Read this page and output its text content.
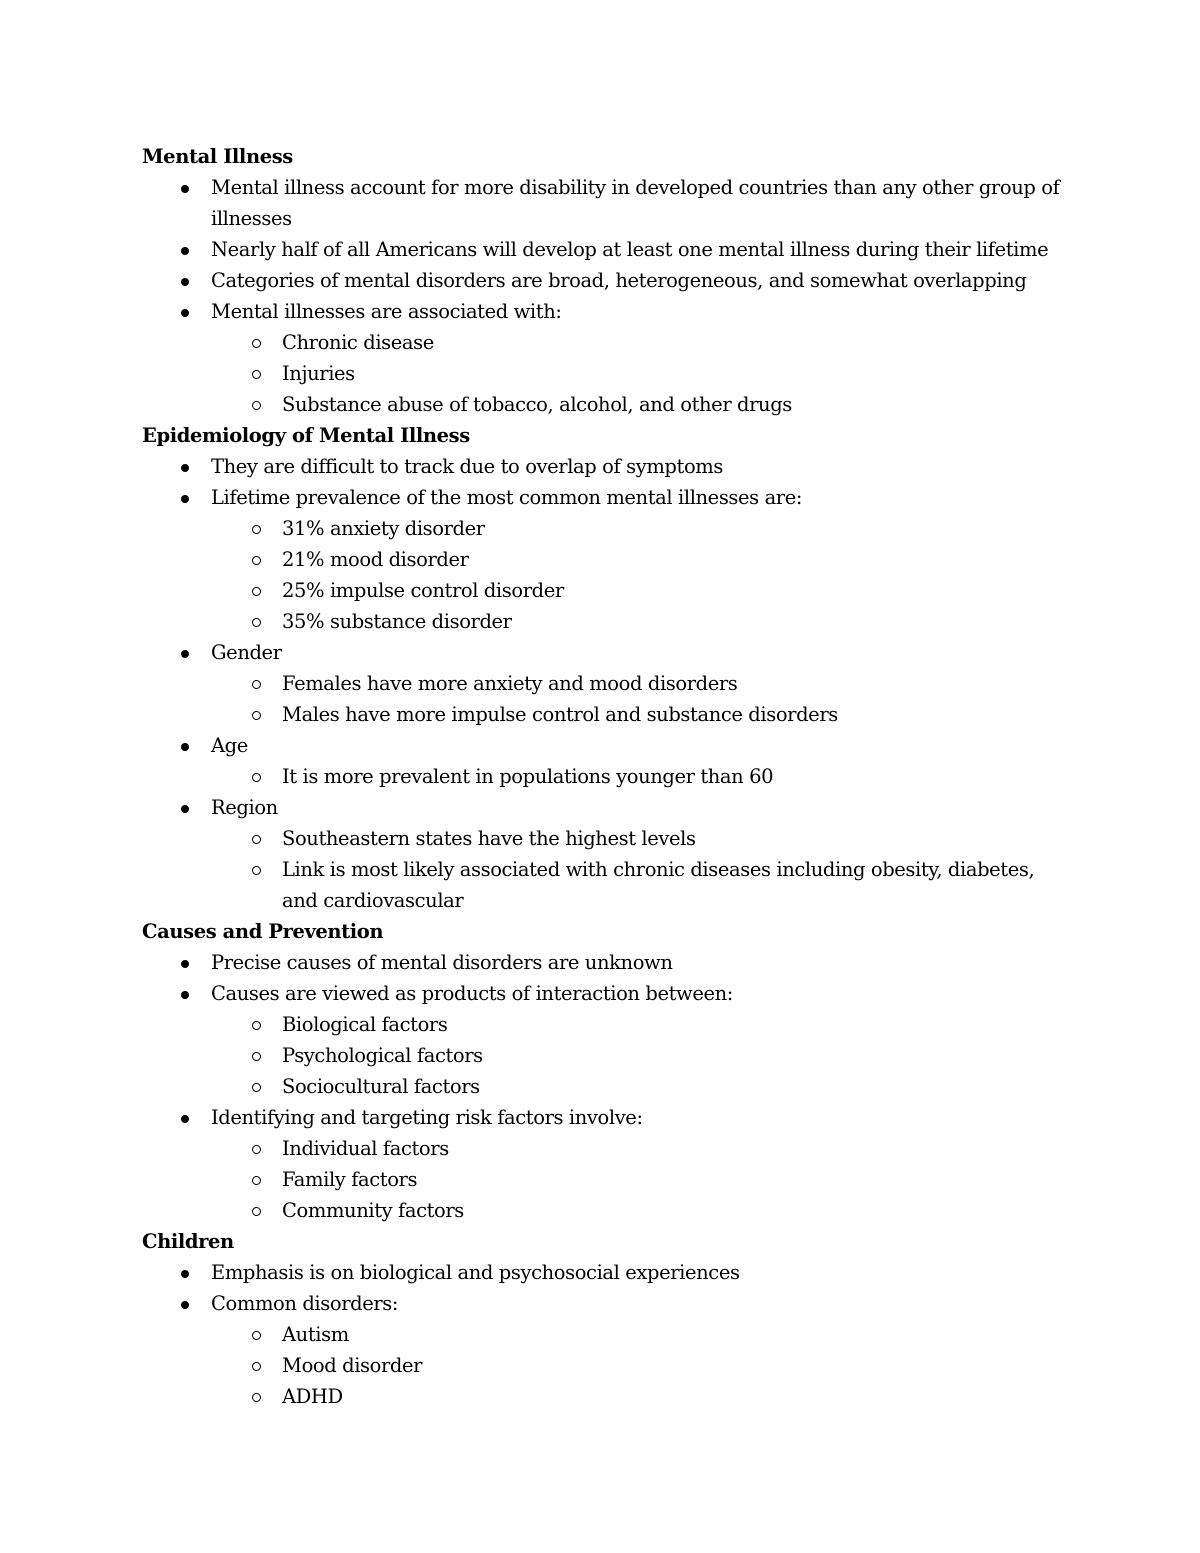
Mental Illness
Mental illness account for more disability in developed countries than any other group of illnesses
Nearly half of all Americans will develop at least one mental illness during their lifetime
Categories of mental disorders are broad, heterogeneous, and somewhat overlapping
Mental illnesses are associated with:
Chronic disease
Injuries
Substance abuse of tobacco, alcohol, and other drugs
Epidemiology of Mental Illness
They are difficult to track due to overlap of symptoms
Lifetime prevalence of the most common mental illnesses are:
31% anxiety disorder
21% mood disorder
25% impulse control disorder
35% substance disorder
Gender
Females have more anxiety and mood disorders
Males have more impulse control and substance disorders
Age
It is more prevalent in populations younger than 60
Region
Southeastern states have the highest levels
Link is most likely associated with chronic diseases including obesity, diabetes, and cardiovascular
Causes and Prevention
Precise causes of mental disorders are unknown
Causes are viewed as products of interaction between:
Biological factors
Psychological factors
Sociocultural factors
Identifying and targeting risk factors involve:
Individual factors
Family factors
Community factors
Children
Emphasis is on biological and psychosocial experiences
Common disorders:
Autism
Mood disorder
ADHD
